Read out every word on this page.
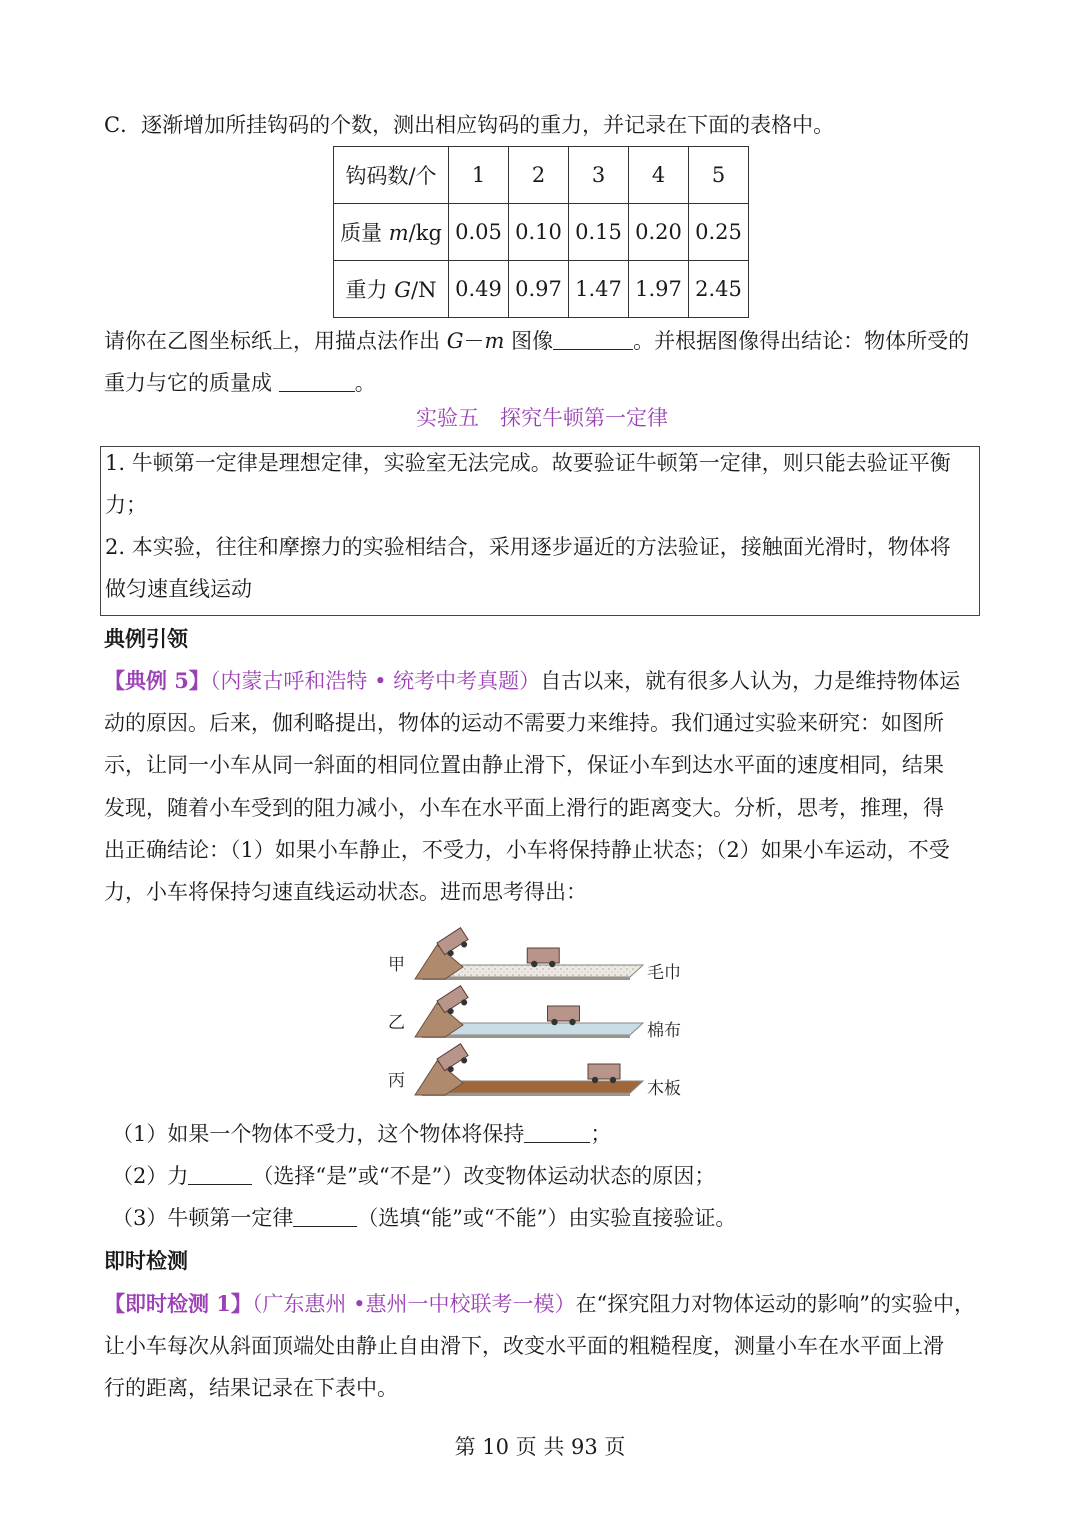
C．逐渐增加所挂钩码的个数，测出相应钩码的重力，并记录在下面的表格中。
钩码数/个	1	2	3	4	5
质量 m/kg	0.05	0.10	0.15	0.20	0.25
重力 G/N	0.49	0.97	1.47	1.97	2.45
请你在乙图坐标纸上，用描点法作出 G－m 图像	。并根据图像得出结论：物体所受的
重力与它的质量成	。
实验五　探究牛顿第一定律
1. 牛顿第一定律是理想定律，实验室无法完成。故要验证牛顿第一定律，则只能去验证平衡
力；
2. 本实验，往往和摩擦力的实验相结合，采用逐步逼近的方法验证，接触面光滑时，物体将
做匀速直线运动
典例引领
【典例 5】（内蒙古呼和浩特 • 统考中考真题）自古以来，就有很多人认为，力是维持物体运
动的原因。后来，伽利略提出，物体的运动不需要力来维持。我们通过实验来研究：如图所
示，让同一小车从同一斜面的相同位置由静止滑下，保证小车到达水平面的速度相同，结果
发现，随着小车受到的阻力减小，小车在水平面上滑行的距离变大。分析，思考，推理，得
出正确结论：（1）如果小车静止，不受力，小车将保持静止状态；（2）如果小车运动，不受
力，小车将保持匀速直线运动状态。进而思考得出：
甲	毛巾
乙	棉布
丙	木板
（1）如果一个物体不受力，这个物体将保持	；
（2）力	（选择“是”或“不是”）改变物体运动状态的原因；
（3）牛顿第一定律	（选填“能”或“不能”）由实验直接验证。
即时检测
【即时检测 1】（广东惠州 •惠州一中校联考一模）在“探究阻力对物体运动的影响”的实验中，
让小车每次从斜面顶端处由静止自由滑下，改变水平面的粗糙程度，测量小车在水平面上滑
行的距离，结果记录在下表中。
第 10 页 共 93 页
